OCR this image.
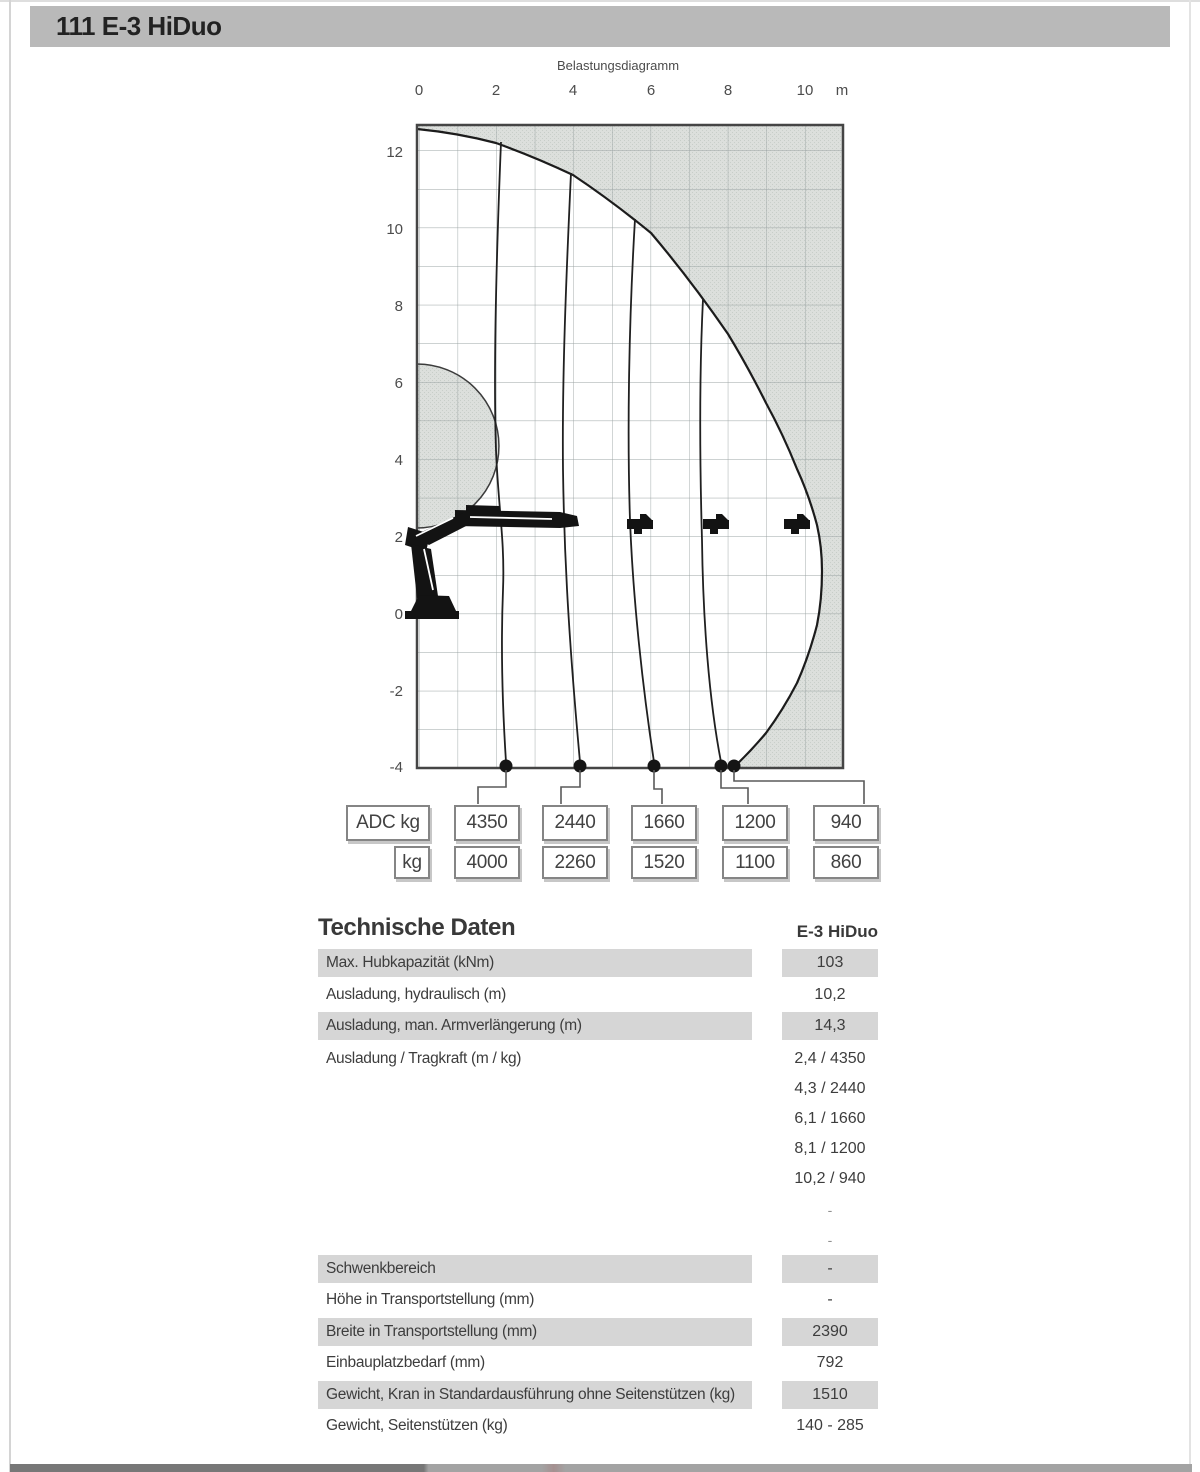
111 E-3 HiDuo
Belastungsdiagramm
0	2	4	6	8	10 m
12
10
8
6
4
2
0
-2
-4
ADC kg
kg
4350	2440	1660	1200	940
4000	2260	1520	1100	860
Technische Daten	E-3 HiDuo
Max. Hubkapazität (kNm)	103
Ausladung, hydraulisch (m)	10,2
Ausladung, man. Armverlängerung (m)	14,3
Ausladung / Tragkraft (m / kg)	2,4 / 4350
4,3 / 2440
6,1 / 1660
8,1 / 1200
10,2 / 940
-
-
Schwenkbereich	-
Höhe in Transportstellung (mm)	-
Breite in Transportstellung (mm)	2390
Einbauplatzbedarf (mm)	792
Gewicht, Kran in Standardausführung ohne Seitenstützen (kg)	1510
Gewicht, Seitenstützen (kg)	140 - 285
